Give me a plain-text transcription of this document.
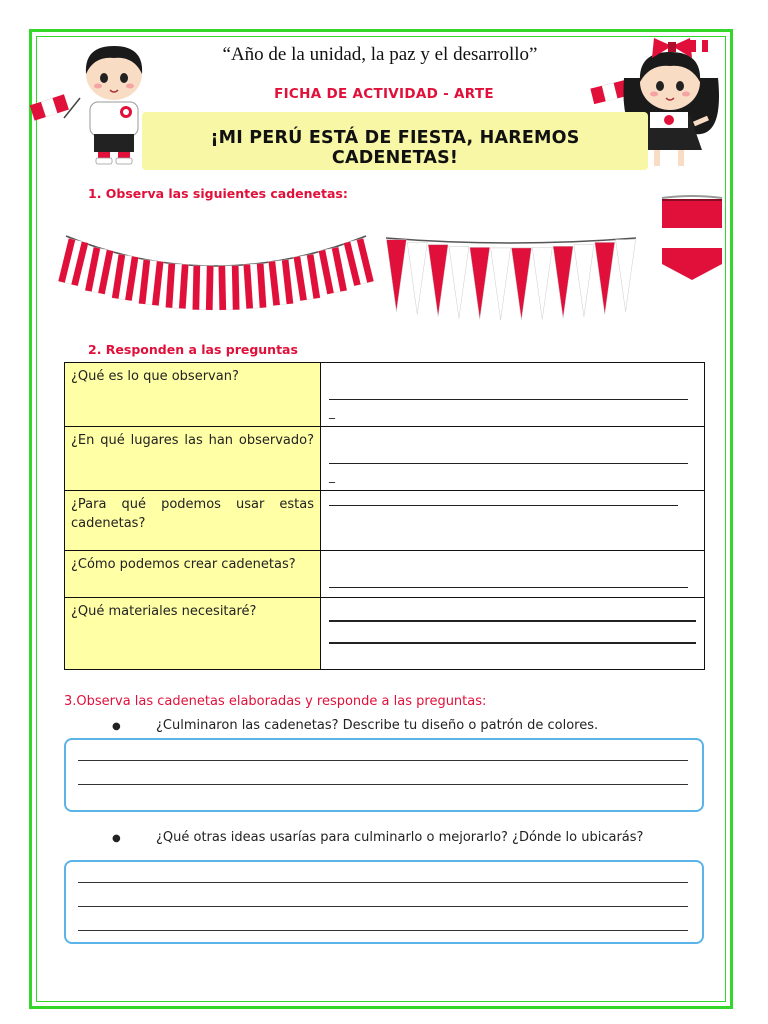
“Año de la unidad, la paz y el desarrollo”
FICHA DE ACTIVIDAD - ARTE
¡MI PERÚ ESTÁ DE FIESTA, HAREMOS CADENETAS!
1. Observa las siguientes cadenetas:
2. Responden a las preguntas
¿Qué es lo que observan?	_

¿En qué lugares las han observado?	_

¿Para qué podemos usar estas cadenetas?	

¿Cómo podemos crear cadenetas?	

¿Qué materiales necesitaré?	
3.Observa las cadenetas elaboradas y responde a las preguntas:
●	¿Culminaron las cadenetas? Describe tu diseño o patrón de colores.
●	¿Qué otras ideas usarías para culminarlo o mejorarlo? ¿Dónde lo ubicarás?
